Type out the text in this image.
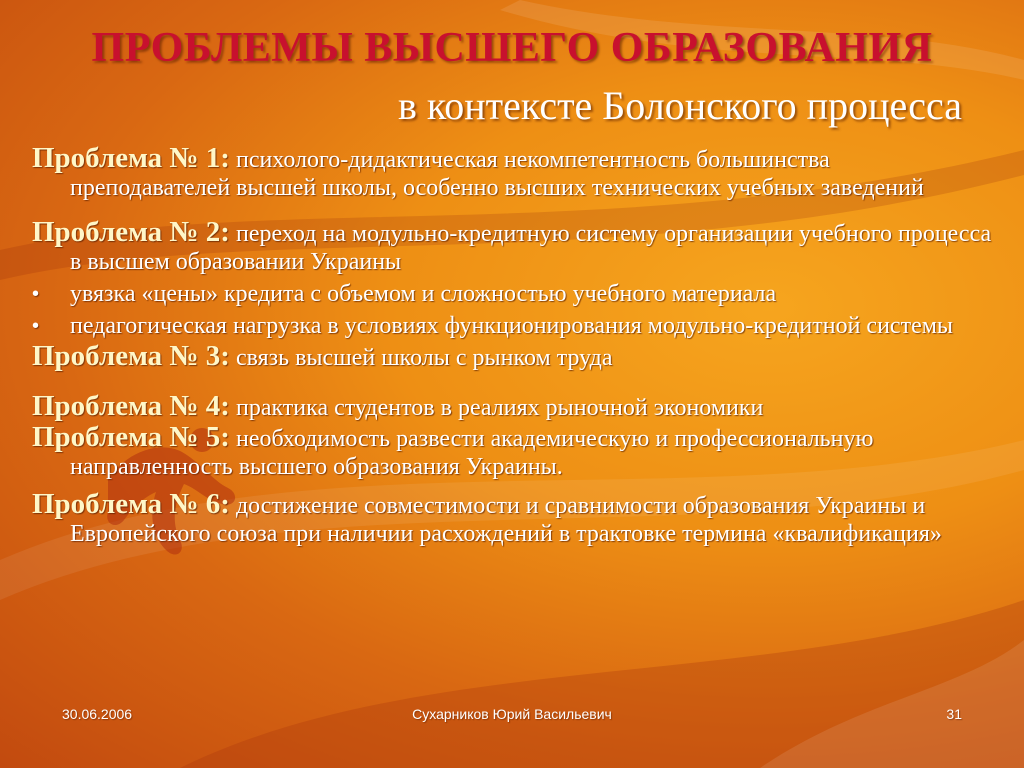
ПРОБЛЕМЫ ВЫСШЕГО ОБРАЗОВАНИЯ
в контексте Болонского процесса

Проблема № 1: психолого-дидактическая некомпетентность большинства преподавателей высшей школы, особенно высших технических учебных заведений

Проблема № 2: переход на модульно-кредитную систему организации учебного процесса в высшем образовании Украины

• увязка «цены» кредита с объемом и сложностью учебного материала
• педагогическая нагрузка в условиях функционирования модульно-кредитной системы

Проблема № 3: связь высшей школы с рынком труда

Проблема № 4: практика студентов в реалиях рыночной экономики

Проблема № 5: необходимость развести академическую и профессиональную направленность высшего образования Украины.

Проблема № 6: достижение совместимости и сравнимости образования Украины и Европейского союза при наличии расхождений в трактовке термина «квалификация»

30.06.2006	Сухарников Юрий Васильевич	31
